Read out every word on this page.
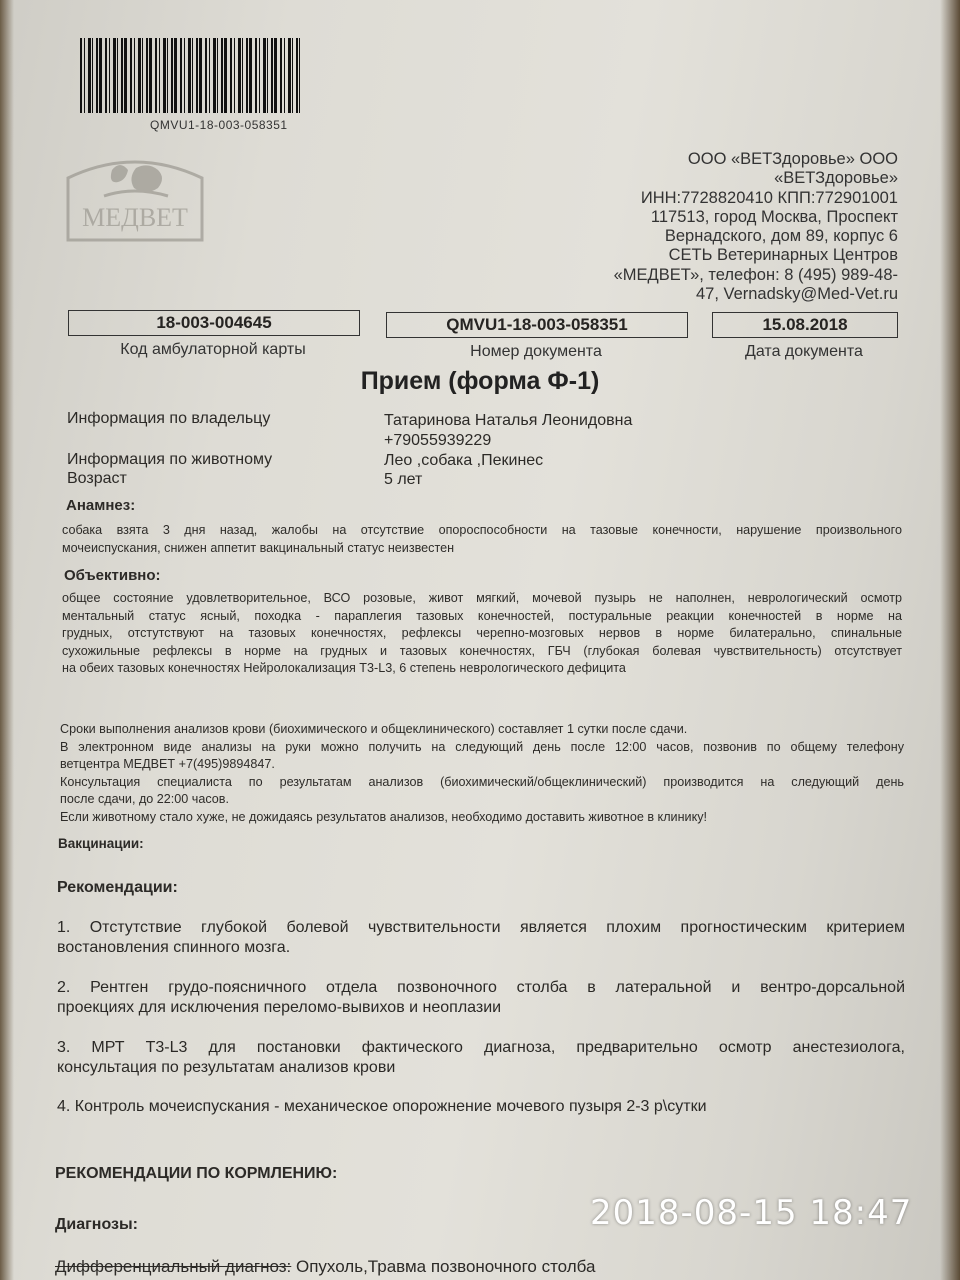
QMVU1-18-003-058351
МЕДВЕТ
ООО «ВЕТЗдоровье» ООО
«ВЕТЗдоровье»
ИНН:7728820410 КПП:772901001
117513, город Москва, Проспект
Вернадского, дом 89, корпус 6
СЕТЬ Ветеринарных Центров
«МЕДВЕТ», телефон: 8 (495) 989-48-
47, Vernadsky@Med-Vet.ru
18-003-004645
Код амбулаторной карты
QMVU1-18-003-058351
Номер документа
15.08.2018
Дата документа
Прием (форма Ф-1)
Информация по владельцу	Татаринова Наталья Леонидовна
+79055939229
Информация по животному	Лео ,собака ,Пекинес
Возраст	5 лет
Анамнез:
собака взята 3 дня назад, жалобы на отсутствие опороспособности на тазовые конечности, нарушение произвольного
мочеиспускания, снижен аппетит вакцинальный статус неизвестен
Объективно:
общее состояние удовлетворительное, ВСО розовые, живот мягкий, мочевой пузырь не наполнен, неврологический осмотр
ментальный статус ясный, походка - параплегия тазовых конечностей, постуральные реакции конечностей в норме на
грудных, отстутствуют на тазовых конечностях, рефлексы черепно-мозговых нервов в норме билатерально, спинальные
сухожильные рефлексы в норме на грудных и тазовых конечностях, ГБЧ (глубокая болевая чувствительность) отсутствует
на обеих тазовых конечностях Нейролокализация Т3-L3, 6 степень неврологического дефицита
Сроки выполнения анализов крови (биохимического и общеклинического) составляет 1 сутки после сдачи.
В электронном виде анализы на руки можно получить на следующий день после 12:00 часов, позвонив по общему телефону
ветцентра МЕДВЕТ +7(495)9894847.
Консультация специалиста по результатам анализов (биохимический/общеклинический) производится на следующий день
после сдачи, до 22:00 часов.
Если животному стало хуже, не дожидаясь результатов анализов, необходимо доставить животное в клинику!
Вакцинации:
Рекомендации:
1. Отстутствие глубокой болевой чувствительности является плохим прогностическим критерием
востановления спинного мозга.
2. Рентген грудо-поясничного отдела позвоночного столба в латеральной и вентро-дорсальной
проекциях для исключения переломо-вывихов и неоплазии
3. МРТ Т3-L3 для постановки фактического диагноза, предварительно осмотр анестезиолога,
консультация по результатам анализов крови
4. Контроль мочеиспускания - механическое опорожнение мочевого пузыря 2-3 р\сутки
РЕКОМЕНДАЦИИ ПО КОРМЛЕНИЮ:
Диагнозы:
Дифференциальный диагноз: Опухоль,Травма позвоночного столба
2018-08-15 18:47
